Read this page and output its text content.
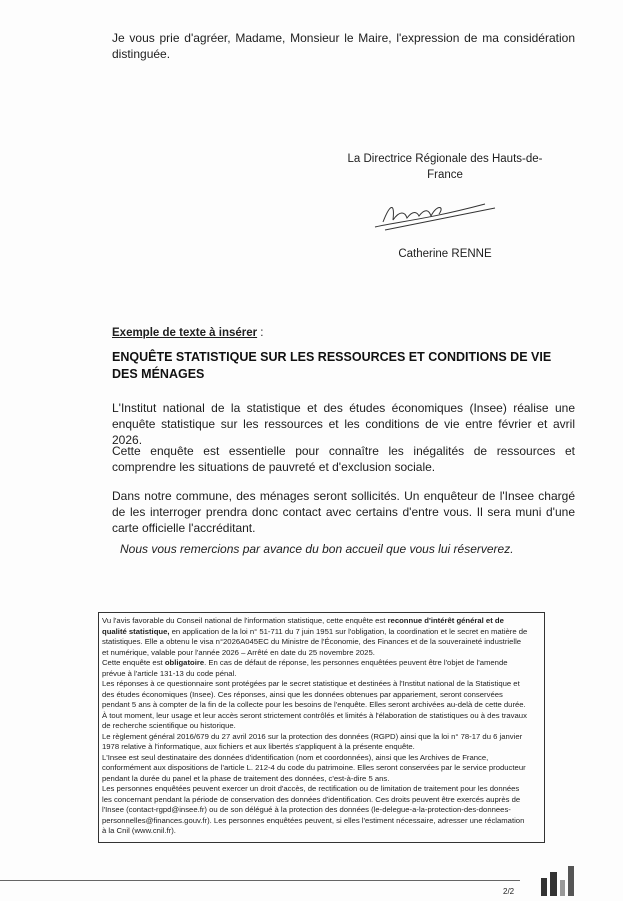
Je vous prie d'agréer, Madame, Monsieur le Maire, l'expression de ma considération distinguée.
La Directrice Régionale des Hauts-de-
France
Catherine RENNE
Exemple de texte à insérer :
ENQUÊTE STATISTIQUE SUR LES RESSOURCES ET CONDITIONS DE VIE DES MÉNAGES
L'Institut national de la statistique et des études économiques (Insee) réalise une enquête statistique sur les ressources et les conditions de vie entre février et avril 2026.
Cette enquête est essentielle pour connaître les inégalités de ressources et comprendre les situations de pauvreté et d'exclusion sociale.
Dans notre commune, des ménages seront sollicités. Un enquêteur de l'Insee chargé de les interroger prendra donc contact avec certains d'entre vous. Il sera muni d'une carte officielle l'accréditant.
Nous vous remercions par avance du bon accueil que vous lui réserverez.
Vu l'avis favorable du Conseil national de l'information statistique, cette enquête est reconnue d'intérêt général et de
qualité statistique, en application de la loi n° 51-711 du 7 juin 1951 sur l'obligation, la coordination et le secret en matière de
statistiques. Elle a obtenu le visa n°2026A045EC du Ministre de l'Économie, des Finances et de la souveraineté industrielle
et numérique, valable pour l'année 2026 – Arrêté en date du 25 novembre 2025.
Cette enquête est obligatoire. En cas de défaut de réponse, les personnes enquêtées peuvent être l'objet de l'amende
prévue à l'article 131-13 du code pénal.
Les réponses à ce questionnaire sont protégées par le secret statistique et destinées à l'Institut national de la Statistique et
des études économiques (Insee). Ces réponses, ainsi que les données obtenues par appariement, seront conservées
pendant 5 ans à compter de la fin de la collecte pour les besoins de l'enquête. Elles seront archivées au-delà de cette durée.
À tout moment, leur usage et leur accès seront strictement contrôlés et limités à l'élaboration de statistiques ou à des travaux
de recherche scientifique ou historique.
Le règlement général 2016/679 du 27 avril 2016 sur la protection des données (RGPD) ainsi que la loi n° 78-17 du 6 janvier
1978 relative à l'informatique, aux fichiers et aux libertés s'appliquent à la présente enquête.
L'Insee est seul destinataire des données d'identification (nom et coordonnées), ainsi que les Archives de France,
conformément aux dispositions de l'article L. 212-4 du code du patrimoine. Elles seront conservées par le service producteur
pendant la durée du panel et la phase de traitement des données, c'est-à-dire 5 ans.
Les personnes enquêtées peuvent exercer un droit d'accès, de rectification ou de limitation de traitement pour les données
les concernant pendant la période de conservation des données d'identification. Ces droits peuvent être exercés auprès de
l'Insee (contact-rgpd@insee.fr) ou de son délégué à la protection des données (le-delegue-a-la-protection-des-donnees-
personnelles@finances.gouv.fr). Les personnes enquêtées peuvent, si elles l'estiment nécessaire, adresser une réclamation
à la Cnil (www.cnil.fr).
2/2
